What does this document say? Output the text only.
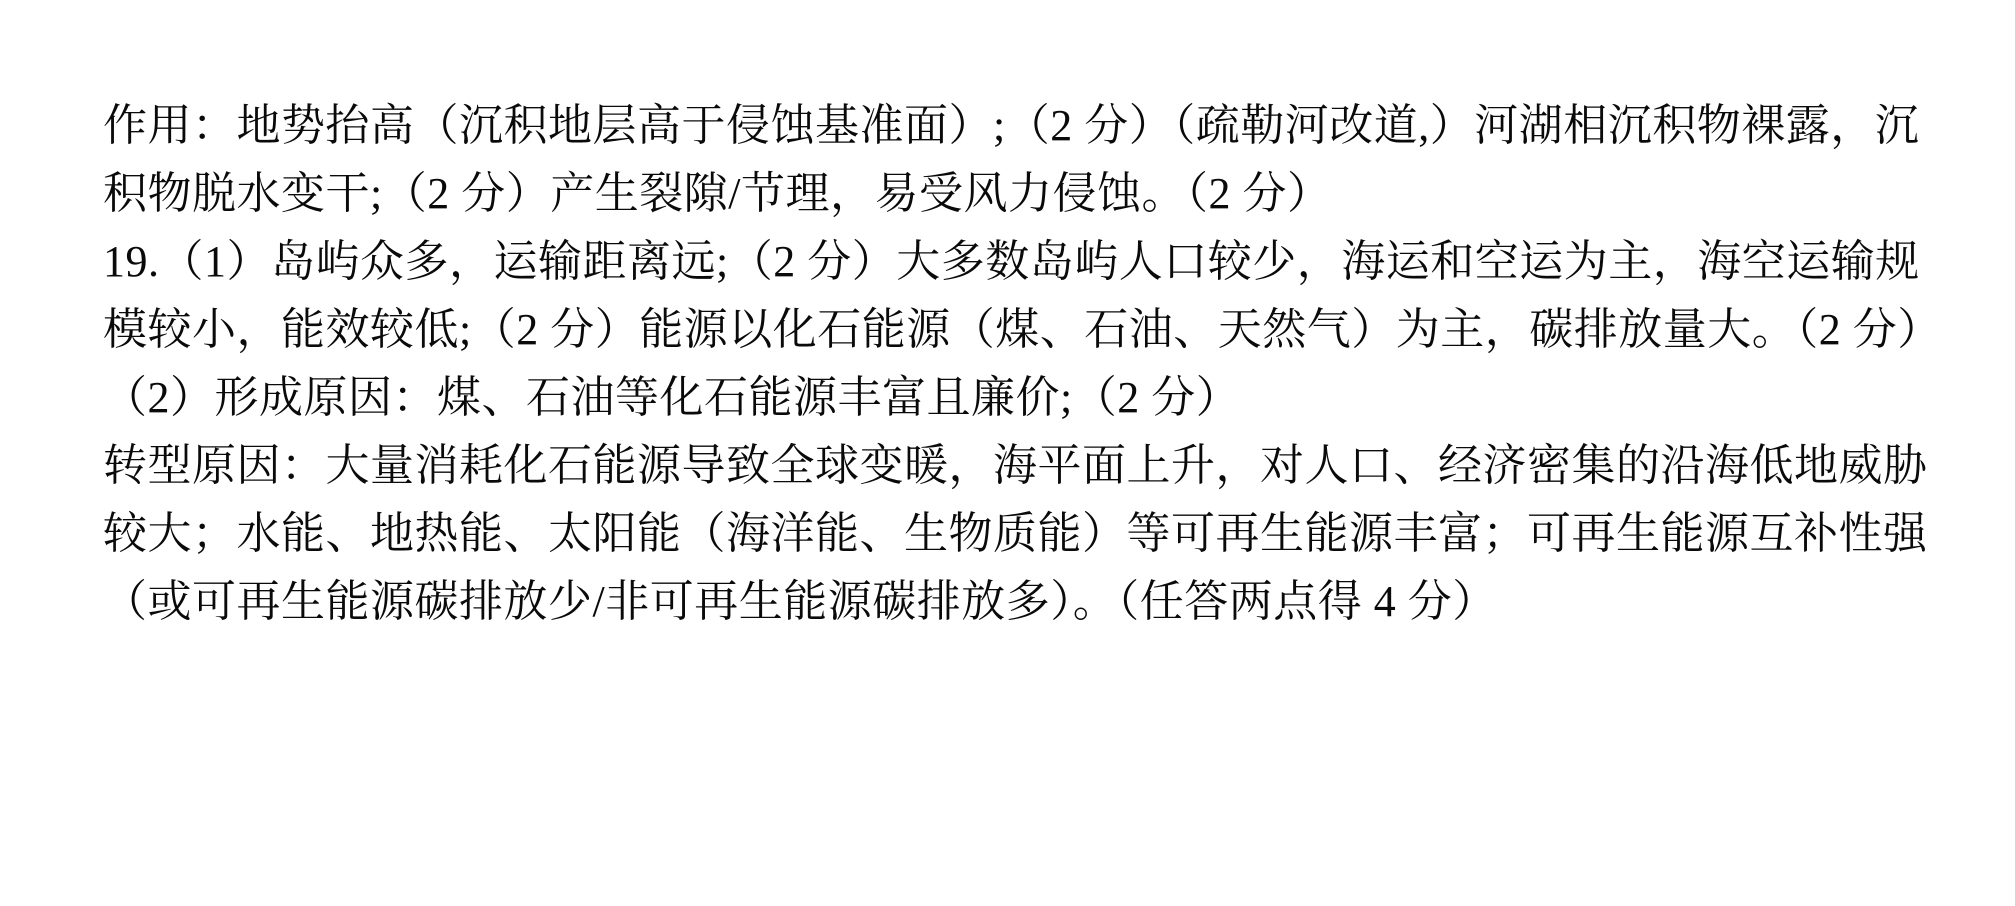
作用：地势抬高（沉积地层高于侵蚀基准面）;（2 分）（疏勒河改道,）河湖相沉积物裸露，沉

积物脱水变干;（2 分）产生裂隙/节理，易受风力侵蚀。（2 分）

19.（1）岛屿众多，运输距离远;（2 分）大多数岛屿人口较少，海运和空运为主，海空运输规

模较小，能效较低;（2 分）能源以化石能源（煤、石油、天然气）为主，碳排放量大。（2 分）

（2）形成原因：煤、石油等化石能源丰富且廉价;（2 分）

转型原因：大量消耗化石能源导致全球变暖，海平面上升，对人口、经济密集的沿海低地威胁

较大；水能、地热能、太阳能（海洋能、生物质能）等可再生能源丰富；可再生能源互补性强

（或可再生能源碳排放少/非可再生能源碳排放多）。（任答两点得 4 分）
